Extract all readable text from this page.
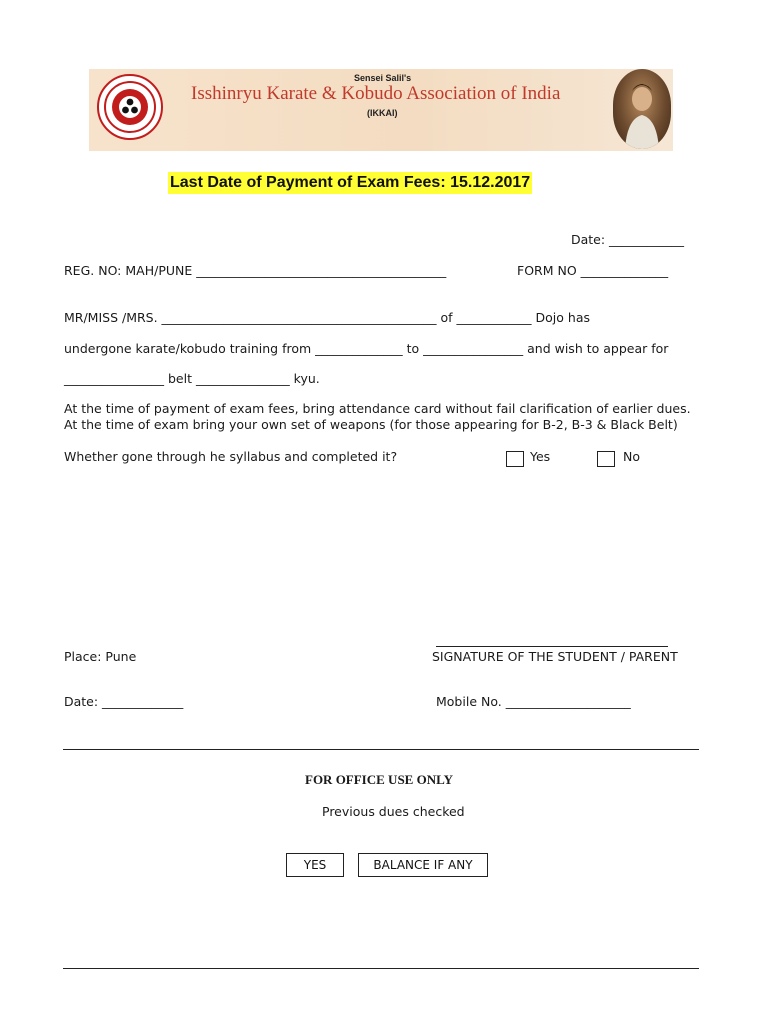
Sensei Salil's
Isshinryu Karate & Kobudo Association of India
(IKKAI)
Last Date of Payment of Exam Fees: 15.12.2017
Date: ____________
REG. NO: MAH/PUNE ________________________________________	FORM NO ______________
MR/MISS /MRS. ____________________________________________ of ____________ Dojo has
undergone karate/kobudo training from ______________ to ________________ and wish to appear for
________________ belt _______________ kyu.
At the time of payment of exam fees, bring attendance card without fail clarification of earlier dues. At the time of exam bring your own set of weapons (for those appearing for B-2, B-3 & Black Belt)
Whether gone through he syllabus and completed it?	Yes	No
Place: Pune	SIGNATURE OF THE STUDENT / PARENT
Date: _____________	Mobile No. ____________________
FOR OFFICE USE ONLY
Previous dues checked
YES	BALANCE IF ANY
